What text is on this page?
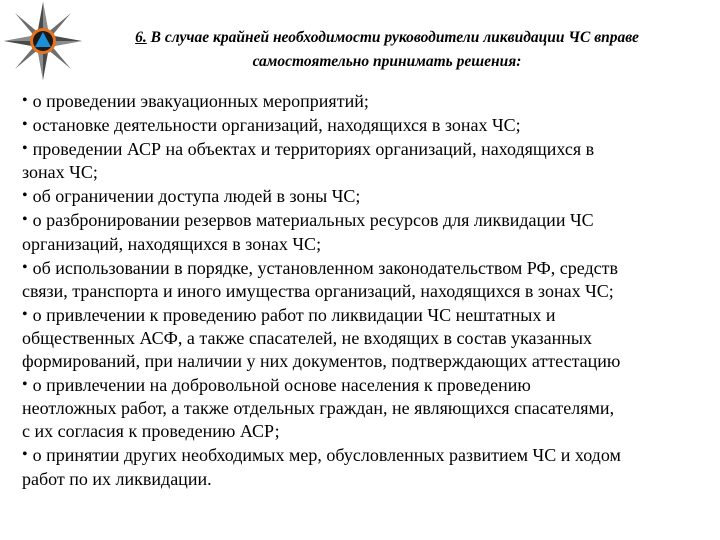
6. В случае крайней необходимости руководители ликвидации ЧС вправе
самостоятельно принимать решения:
• о проведении эвакуационных мероприятий;
• остановке деятельности организаций, находящихся в зонах ЧС;
• проведении АСР на объектах и территориях организаций, находящихся в
зонах ЧС;
• об ограничении доступа людей в зоны ЧС;
• о разбронировании резервов материальных ресурсов для ликвидации ЧС
организаций, находящихся в зонах ЧС;
• об использовании в порядке, установленном законодательством РФ, средств
связи, транспорта и иного имущества организаций, находящихся в зонах ЧС;
• о привлечении к проведению работ по ликвидации ЧС нештатных и
общественных АСФ, а также спасателей, не входящих в состав указанных
формирований, при наличии у них документов, подтверждающих аттестацию
• о привлечении на добровольной основе населения к проведению
неотложных работ, а также отдельных граждан, не являющихся спасателями,
с их согласия к проведению АСР;
• о принятии других необходимых мер, обусловленных развитием ЧС и ходом
работ по их ликвидации.
